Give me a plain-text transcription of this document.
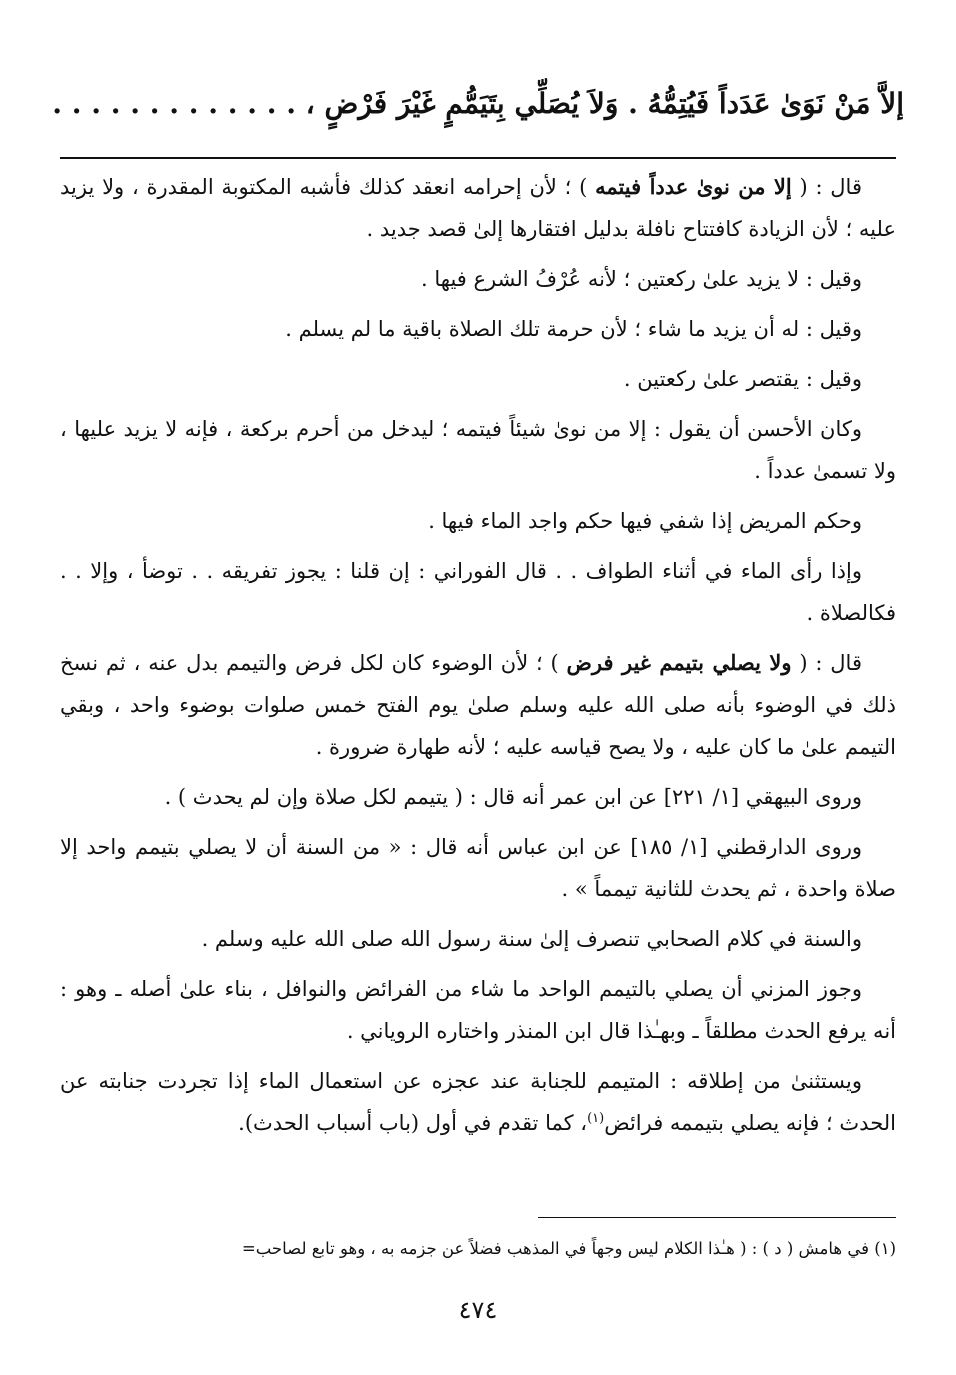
إلاَّ مَنْ نَوَىٰ عَدَداً فَيُتِمُّهُ . وَلاَ يُصَلِّي بِتَيَمُّمٍ غَيْرَ فَرْضٍ ، . . . . . . . . . . . . .

قال : ( إلا من نوىٰ عدداً فيتمه ) ؛ لأن إحرامه انعقد كذلك فأشبه المكتوبة المقدرة ، ولا يزيد عليه ؛ لأن الزيادة كافتتاح نافلة بدليل افتقارها إلىٰ قصد جديد .

وقيل : لا يزيد علىٰ ركعتين ؛ لأنه عُرْفُ الشرع فيها .

وقيل : له أن يزيد ما شاء ؛ لأن حرمة تلك الصلاة باقية ما لم يسلم .

وقيل : يقتصر علىٰ ركعتين .

وكان الأحسن أن يقول : إلا من نوىٰ شيئاً فيتمه ؛ ليدخل من أحرم بركعة ، فإنه لا يزيد عليها ، ولا تسمىٰ عدداً .

وحكم المريض إذا شفي فيها حكم واجد الماء فيها .

وإذا رأى الماء في أثناء الطواف . . قال الفوراني : إن قلنا : يجوز تفريقه . . توضأ ، وإلا . . فكالصلاة .

قال : ( ولا يصلي بتيمم غير فرض ) ؛ لأن الوضوء كان لكل فرض والتيمم بدل عنه ، ثم نسخ ذلك في الوضوء بأنه صلى الله عليه وسلم صلىٰ يوم الفتح خمس صلوات بوضوء واحد ، وبقي التيمم علىٰ ما كان عليه ، ولا يصح قياسه عليه ؛ لأنه طهارة ضرورة .

وروى البيهقي [١/ ٢٢١] عن ابن عمر أنه قال : ( يتيمم لكل صلاة وإن لم يحدث ) .

وروى الدارقطني [١/ ١٨٥] عن ابن عباس أنه قال : « من السنة أن لا يصلي بتيمم واحد إلا صلاة واحدة ، ثم يحدث للثانية تيمماً » .

والسنة في كلام الصحابي تنصرف إلىٰ سنة رسول الله صلى الله عليه وسلم .

وجوز المزني أن يصلي بالتيمم الواحد ما شاء من الفرائض والنوافل ، بناء علىٰ أصله ـ وهو : أنه يرفع الحدث مطلقاً ـ وبهـٰذا قال ابن المنذر واختاره الروياني .

ويستثنىٰ من إطلاقه : المتيمم للجنابة عند عجزه عن استعمال الماء إذا تجردت جنابته عن الحدث ؛ فإنه يصلي بتيممه فرائض$^{(١)}$، كما تقدم في أول (باب أسباب الحدث).

(١) في هامش ( د ) : ( هـٰذا الكلام ليس وجهاً في المذهب فضلاً عن جزمه به ، وهو تابع لصاحب=
٤٧٤
